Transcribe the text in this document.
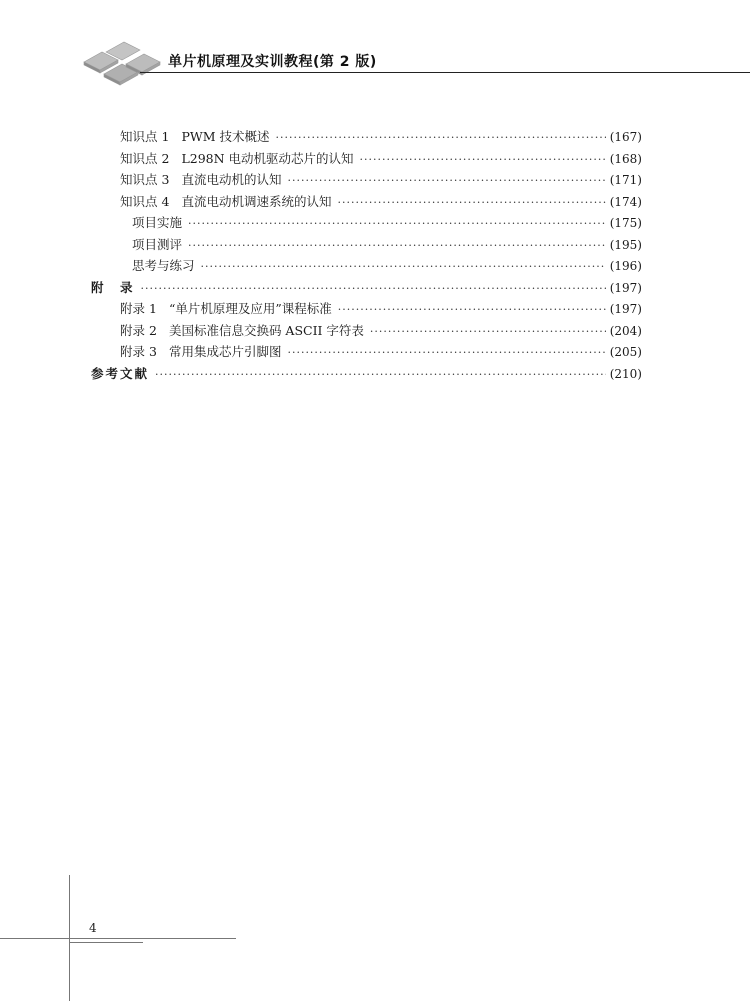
单片机原理及实训教程(第 2 版)
知识点 1 PWM 技术概述 ·····	(167)
知识点 2 L298N 电动机驱动芯片的认知 ·····	(168)
知识点 3 直流电动机的认知 ·····	(171)
知识点 4 直流电动机调速系统的认知 ·····	(174)
项目实施 ·····	(175)
项目测评 ·····	(195)
思考与练习 ·····	(196)
附　录 ·····	(197)
附录 1 “单片机原理及应用”课程标准 ·····	(197)
附录 2 美国标准信息交换码 ASCII 字符表 ·····	(204)
附录 3 常用集成芯片引脚图 ·····	(205)
参考文献 ·····	(210)
4
